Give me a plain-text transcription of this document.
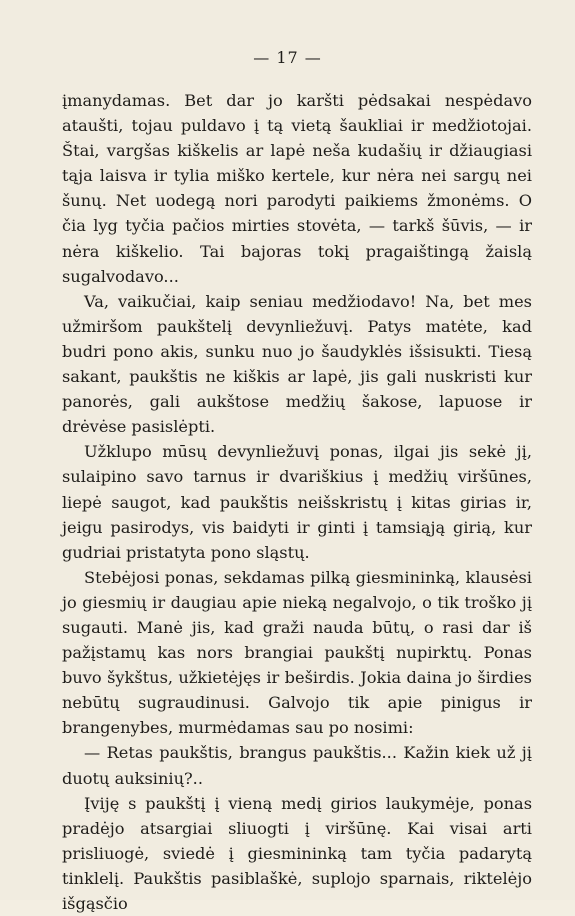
— 17 —

įmanydamas. Bet dar jo karšti pėdsakai nespėdavo ataušti, tojau puldavo į tą vietą šaukliai ir medžiotojai. Štai, vargšas kiškelis ar lapė neša kudašių ir džiaugiasi tąja laisva ir tylia miško kertele, kur nėra nei sargų nei šunų. Net uodegą nori parodyti paikiems žmonėms. O čia lyg tyčia pačios mirties stovėta, — tarkš šūvis, — ir nėra kiškelio. Tai bajoras tokį pragaištingą žaislą sugalvodavo...

Va, vaikučiai, kaip seniau medžiodavo! Na, bet mes užmiršom paukštelį devynliežuvį. Patys matėte, kad budri pono akis, sunku nuo jo šaudyklės išsisukti. Tiesą sakant, paukštis ne kiškis ar lapė, jis gali nuskristi kur panorės, gali aukštose medžių šakose, lapuose ir drėvėse pasislėpti.

Užklupo mūsų devynliežuvį ponas, ilgai jis sekė jį, sulaipino savo tarnus ir dvariškius į medžių viršūnes, liepė saugot, kad paukštis neišskristų į kitas girias ir, jeigu pasirodys, vis baidyti ir ginti į tamsiąją girią, kur gudriai pristatyta pono sląstų.

Stebėjosi ponas, sekdamas pilką giesmininką, klausėsi jo giesmių ir daugiau apie nieką negalvojo, o tik troško jį sugauti. Manė jis, kad graži nauda būtų, o rasi dar iš pažįstamų kas nors brangiai paukštį nupirktų. Ponas buvo šykštus, užkietėjęs ir beširdis. Jokia daina jo širdies nebūtų sugraudinusi. Galvojo tik apie pinigus ir brangenybes, murmėdamas sau po nosimi:

— Retas paukštis, brangus paukštis... Kažin kiek už jį duotų auksinių?..

Įviję s paukštį į vieną medį girios laukymėje, ponas pradėjo atsargiai sliuogti į viršūnę. Kai visai arti prisliuogė, sviedė į giesmininką tam tyčia padarytą tinklelį. Paukštis pasiblaškė, suplojo sparnais, riktelėjo išgąsčio
